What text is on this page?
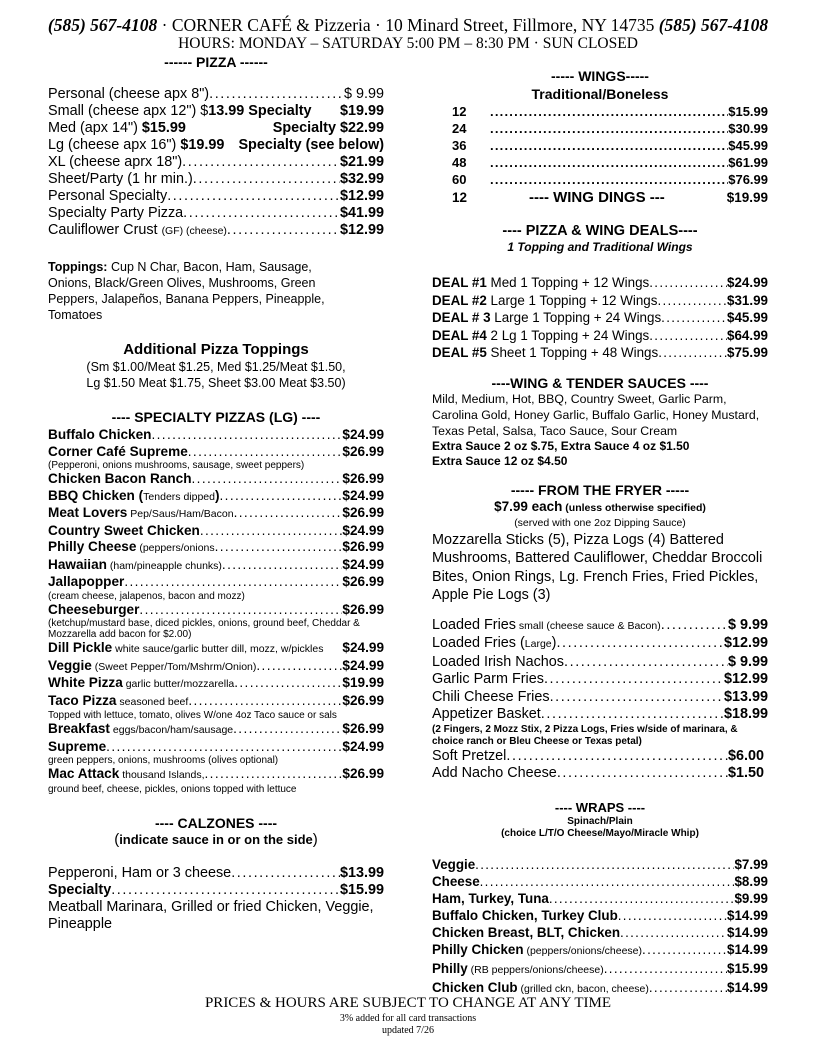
(585) 567-4108 · CORNER CAFÉ & Pizzeria · 10 Minard Street, Fillmore, NY 14735 (585) 567-4108
HOURS: MONDAY – SATURDAY 5:00 PM – 8:30 PM · SUN CLOSED
------ PIZZA ------
Personal (cheese apx 8") . . .	$ 9.99
Small (cheese apx 12") $13.99 Specialty $19.99
Med (apx 14") $15.99	Specialty $22.99
Lg (cheese apx 16") $19.99 Specialty (see below)
XL (cheese aprx 18") . . .	$21.99
Sheet/Party (1 hr min.) . . .	$32.99
Personal Specialty . . .	$12.99
Specialty Party Pizza . . .	$41.99
Cauliflower Crust (GF) (cheese) . . .	$12.99
Toppings: Cup N Char, Bacon, Ham, Sausage, Onions, Black/Green Olives, Mushrooms, Green Peppers, Jalapeños, Banana Peppers, Pineapple, Tomatoes
Additional Pizza Toppings
(Sm $1.00/Meat $1.25, Med $1.25/Meat $1.50,
Lg $1.50 Meat $1.75, Sheet $3.00 Meat $3.50)
---- SPECIALTY PIZZAS (LG) ----
Buffalo Chicken . . .	$24.99
Corner Café Supreme . . .	$26.99
(Pepperoni, onions mushrooms, sausage, sweet peppers)
Chicken Bacon Ranch . . .	$26.99
BBQ Chicken (Tenders dipped) . . .	$24.99
Meat Lovers Pep/Saus/Ham/Bacon . . .	$26.99
Country Sweet Chicken . . .	$24.99
Philly Cheese (peppers/onions . . .	$26.99
Hawaiian (ham/pineapple chunks) . . .	$24.99
Jallapopper . . .	$26.99
(cream cheese, jalapenos, bacon and mozz)
Cheeseburger . . .	$26.99
(ketchup/mustard base, diced pickles, onions, ground beef, Cheddar & Mozzarella add bacon for $2.00)
Dill Pickle white sauce/garlic butter dill, mozz, w/pickles $24.99
Veggie (Sweet Pepper/Tom/Mshrm/Onion) . . .	$24.99
White Pizza garlic butter/mozzarella . . .	$19.99
Taco Pizza seasoned beef . . .	$26.99
Topped with lettuce, tomato, olives W/one 4oz Taco sauce or sals
Breakfast eggs/bacon/ham/sausage . . .	$26.99
Supreme . . .	$24.99
green peppers, onions, mushrooms (olives optional)
Mac Attack thousand Islands, . . .	$26.99
ground beef, cheese, pickles, onions topped with lettuce
---- CALZONES ----
(indicate sauce in or on the side)
Pepperoni, Ham or 3 cheese . . .	$13.99
Specialty . . .	$15.99
Meatball Marinara, Grilled or fried Chicken, Veggie, Pineapple
----- WINGS-----
Traditional/Boneless
12 . . .	$15.99
24 . . .	$30.99
36 . . .	$45.99
48 . . .	$61.99
60 . . .	$76.99
12	---- WING DINGS ---	$19.99
---- PIZZA & WING DEALS----
1 Topping and Traditional Wings
DEAL #1 Med 1 Topping + 12 Wings . . .	$24.99
DEAL #2 Large 1 Topping + 12 Wings . . .	$31.99
DEAL # 3 Large 1 Topping + 24 Wings . . .	$45.99
DEAL #4 2 Lg 1 Topping + 24 Wings . . .	$64.99
DEAL #5 Sheet 1 Topping + 48 Wings . . .	$75.99
----WING & TENDER SAUCES ----
Mild, Medium, Hot, BBQ, Country Sweet, Garlic Parm, Carolina Gold, Honey Garlic, Buffalo Garlic, Honey Mustard, Texas Petal, Salsa, Taco Sauce, Sour Cream
Extra Sauce 2 oz $.75, Extra Sauce 4 oz $1.50
Extra Sauce 12 oz $4.50
----- FROM THE FRYER -----
$7.99 each (unless otherwise specified)
(served with one 2oz Dipping Sauce)
Mozzarella Sticks (5), Pizza Logs (4) Battered Mushrooms, Battered Cauliflower, Cheddar Broccoli Bites, Onion Rings, Lg. French Fries, Fried Pickles, Apple Pie Logs (3)
Loaded Fries small (cheese sauce & Bacon) . . .	$ 9.99
Loaded Fries (Large) . . .	$12.99
Loaded Irish Nachos . . .	$ 9.99
Garlic Parm Fries . . .	$12.99
Chili Cheese Fries . . .	$13.99
Appetizer Basket . . .	$18.99
(2 Fingers, 2 Mozz Stix, 2 Pizza Logs, Fries w/side of marinara, & choice ranch or Bleu Cheese or Texas petal)
Soft Pretzel . . .	$6.00
Add Nacho Cheese . . .	$1.50
---- WRAPS ----
Spinach/Plain
(choice L/T/O Cheese/Mayo/Miracle Whip)
Veggie . . .	$7.99
Cheese . . .	$8.99
Ham, Turkey, Tuna . . .	$9.99
Buffalo Chicken, Turkey Club . . .	$14.99
Chicken Breast, BLT, Chicken . . .	$14.99
Philly Chicken (peppers/onions/cheese) . . .	$14.99
Philly (RB peppers/onions/cheese) . . .	$15.99
Chicken Club (grilled ckn, bacon, cheese) . . .	$14.99
PRICES & HOURS ARE SUBJECT TO CHANGE AT ANY TIME
3% added for all card transactions
updated 7/26
